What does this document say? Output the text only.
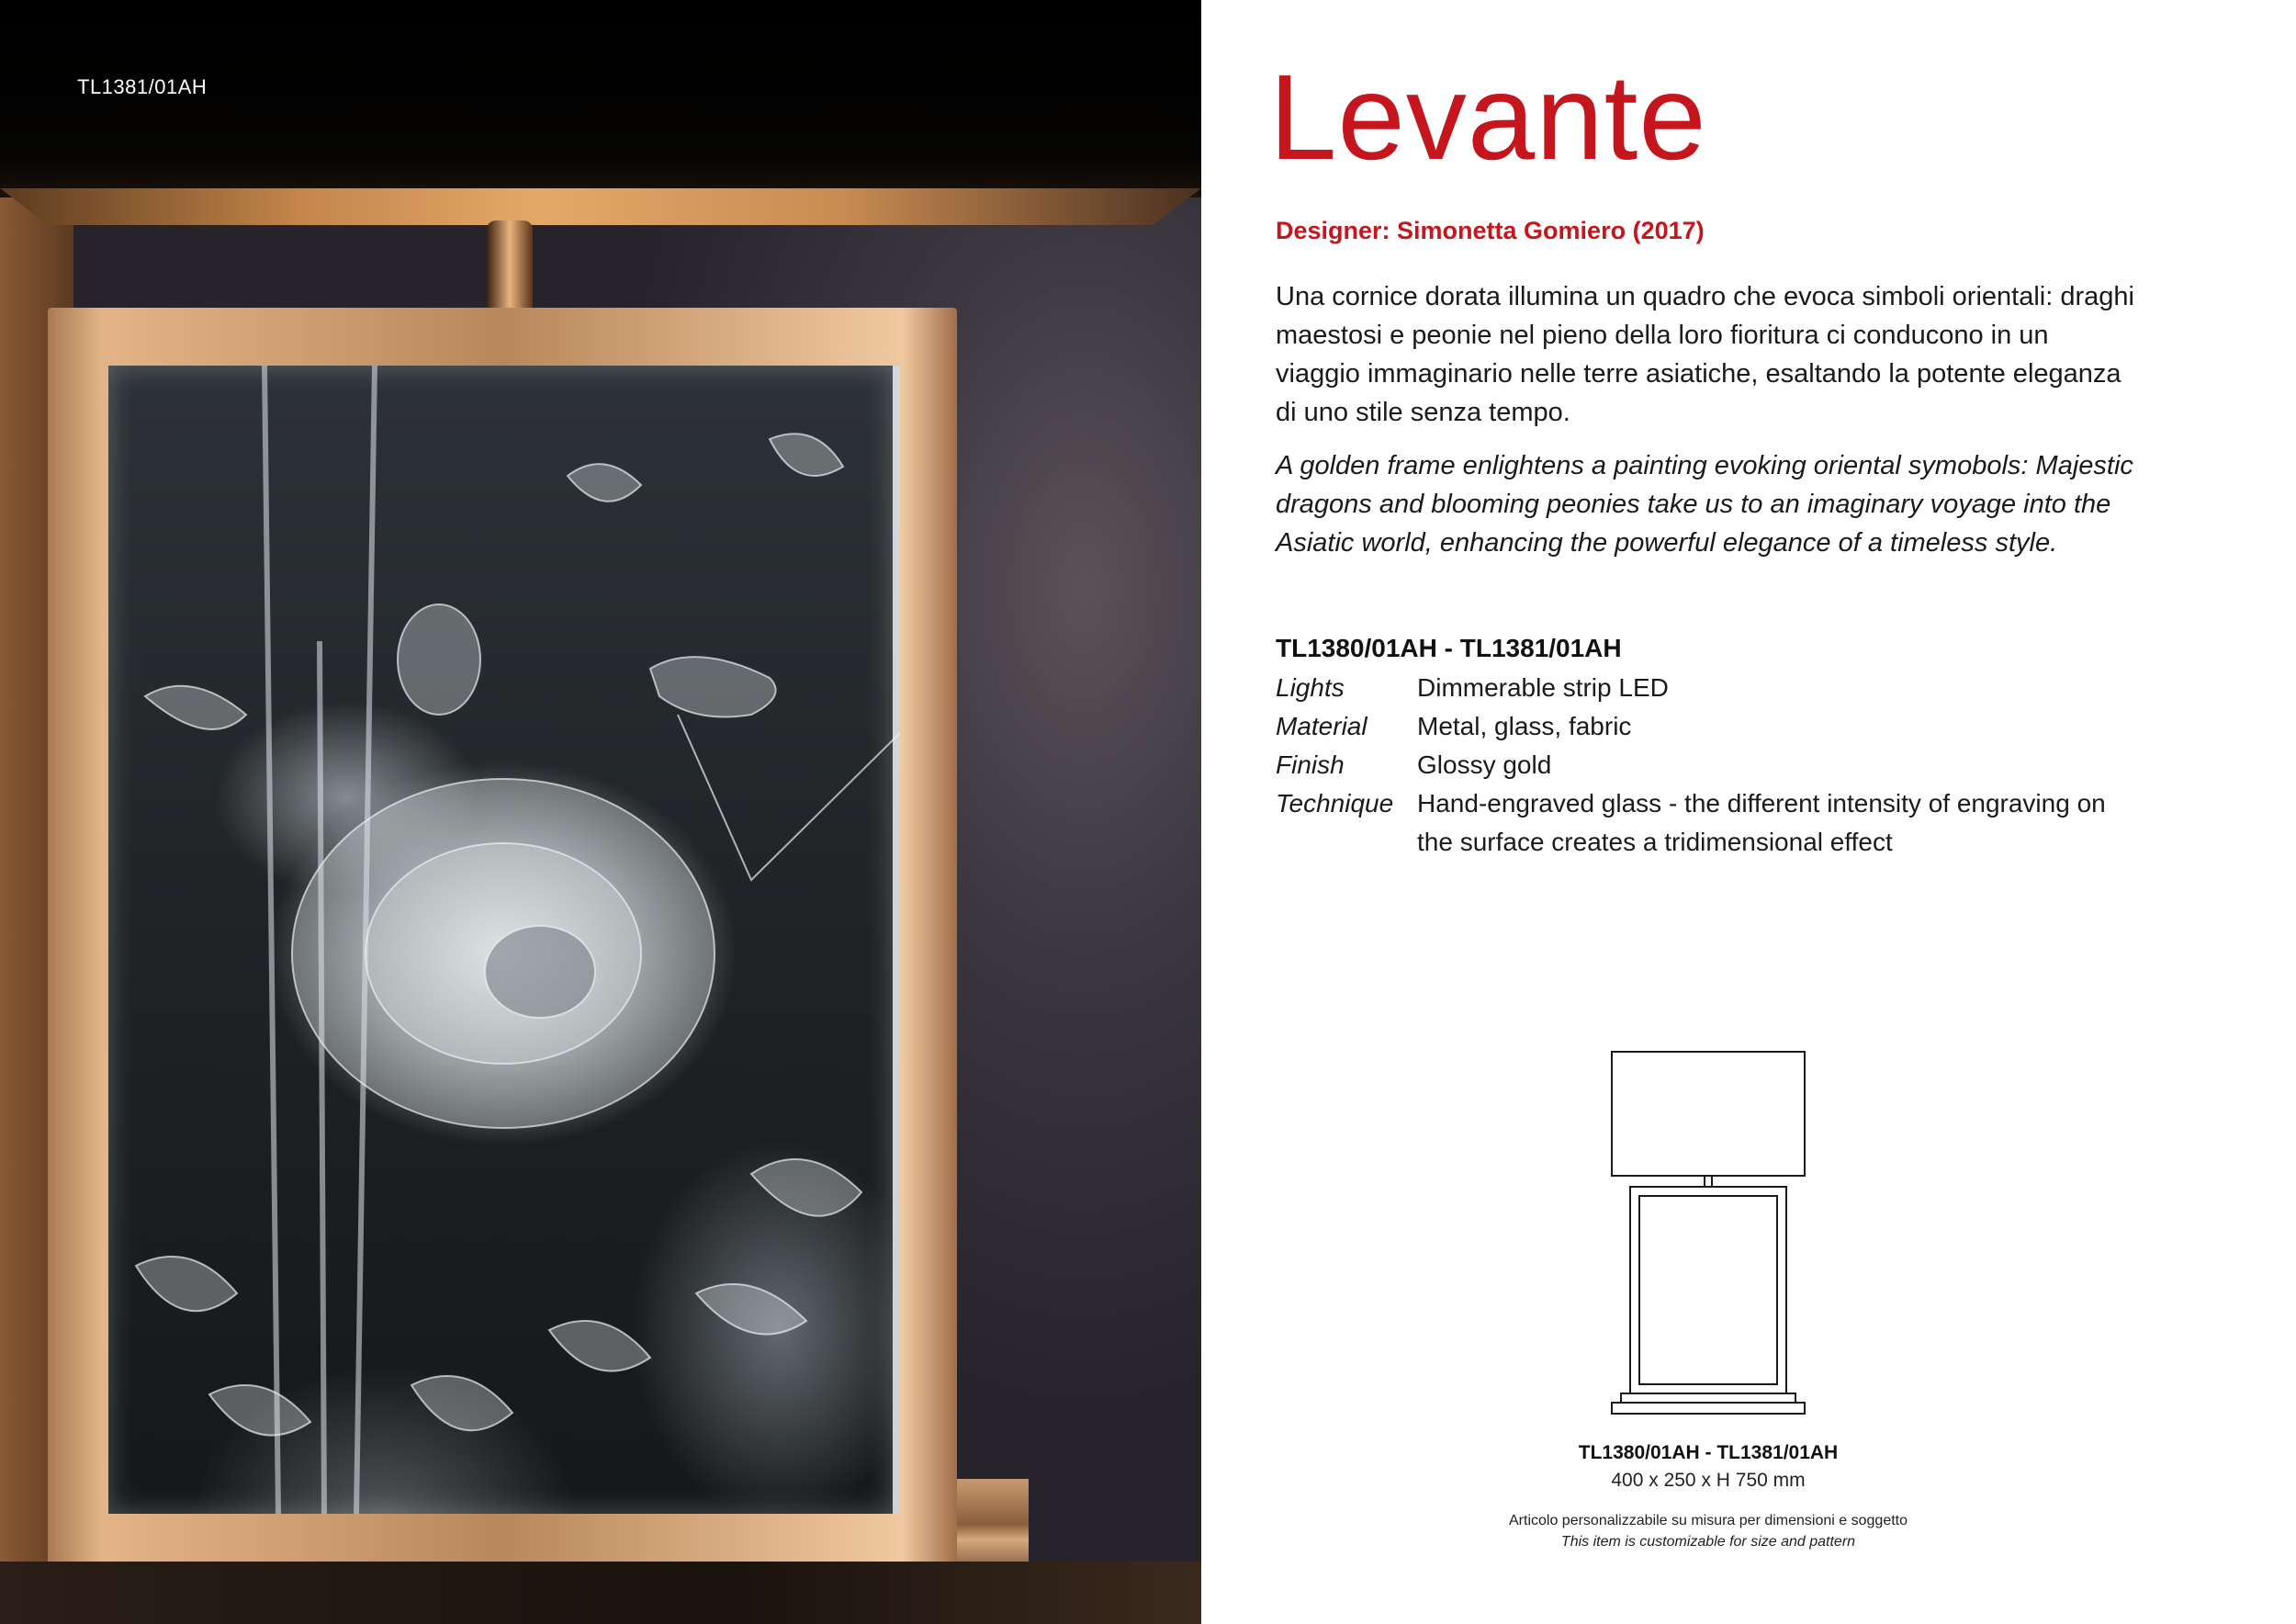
TL1381/01AH	Levante
Designer: Simonetta Gomiero (2017)

Una cornice dorata illumina un quadro che evoca simboli orientali: draghi maestosi e peonie nel pieno della loro fioritura ci conducono in un viaggio immaginario nelle terre asiatiche, esaltando la potente eleganza di uno stile senza tempo.

A golden frame enlightens a painting evoking oriental symobols: Majestic dragons and blooming peonies take us to an imaginary voyage into the Asiatic world, enhancing the powerful elegance of a timeless style.

TL1380/01AH - TL1381/01AH
Lights	Dimmerable strip LED
Material	Metal, glass, fabric
Finish	Glossy gold
Technique Hand-engraved glass - the different intensity of engraving on the surface creates a tridimensional effect
TL1380/01AH - TL1381/01AH
400 x 250 x H 750 mm
Articolo personalizzabile su misura per dimensioni e soggetto
This item is customizable for size and pattern
